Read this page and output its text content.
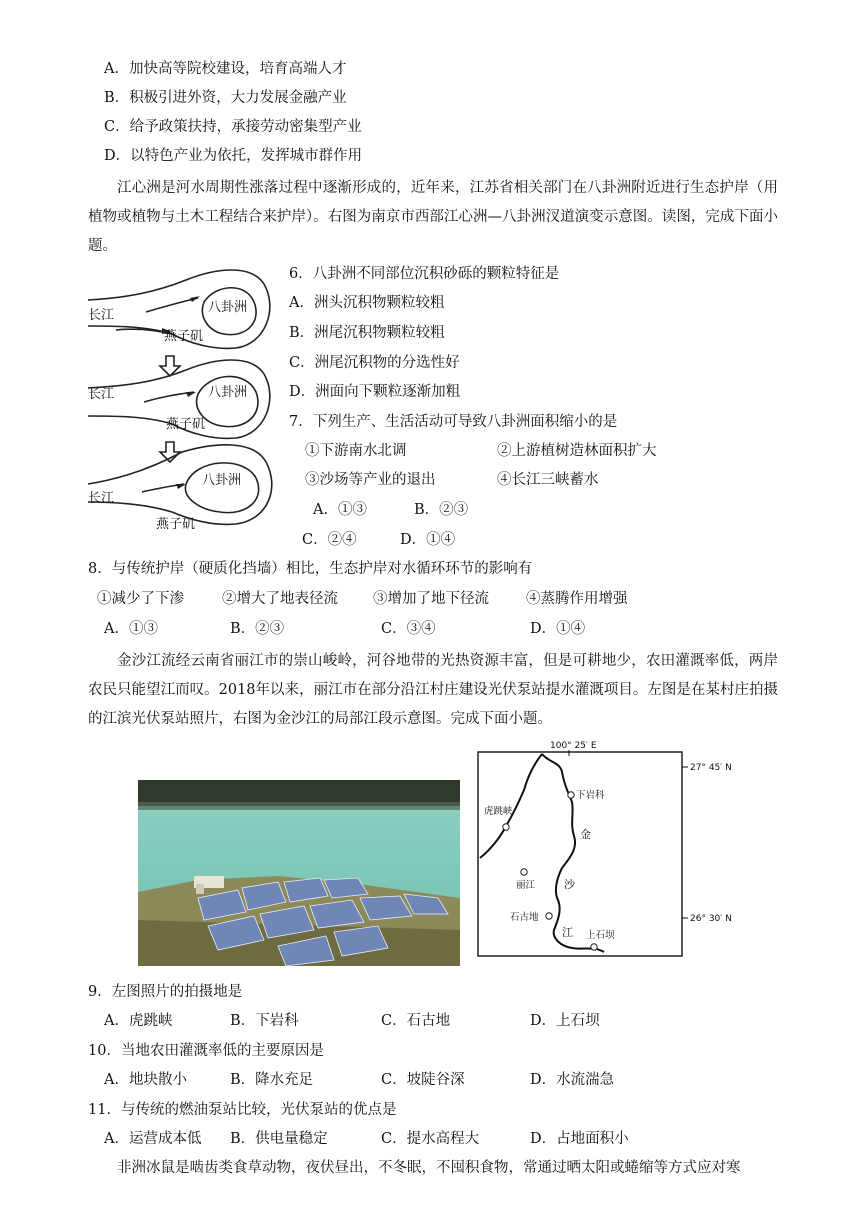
A．加快高等院校建设，培育高端人才
B．积极引进外资，大力发展金融产业
C．给予政策扶持，承接劳动密集型产业
D．以特色产业为依托，发挥城市群作用
江心洲是河水周期性涨落过程中逐渐形成的，近年来，江苏省相关部门在八卦洲附近进行生态护岸（用植物或植物与土木工程结合来护岸）。右图为南京市西部江心洲—八卦洲汊道演变示意图。读图，完成下面小题。
长江
八卦洲
燕子矶
长江	八卦洲
燕子矶
长江
八卦洲
燕子矶
6．八卦洲不同部位沉积砂砾的颗粒特征是
A．洲头沉积物颗粒较粗
B．洲尾沉积物颗粒较粗
C．洲尾沉积物的分选性好
D．洲面向下颗粒逐渐加粗
7．下列生产、生活活动可导致八卦洲面积缩小的是
①下游南水北调	②上游植树造林面积扩大
③沙场等产业的退出	④长江三峡蓄水
A．①③	B．②③
C．②④	D．①④
8．与传统护岸（硬质化挡墙）相比，生态护岸对水循环环节的影响有
①减少了下渗	②增大了地表径流 ③增加了地下径流	④蒸腾作用增强
A．①③	B．②③	C．③④	D．①④
金沙江流经云南省丽江市的崇山峻岭，河谷地带的光热资源丰富，但是可耕地少，农田灌溉率低，两岸农民只能望江而叹。2018年以来，丽江市在部分沿江村庄建设光伏泵站提水灌溉项目。左图是在某村庄拍摄的江滨光伏泵站照片，右图为金沙江的局部江段示意图。完成下面小题。
100° 25′ E
27° 45′ N
26° 30′ N
下岩科
虎跳峡
丽江
石古地
上石坝
金
沙
江
9．左图照片的拍摄地是
A．虎跳峡	B．下岩科	C．石古地	D．上石坝
10．当地农田灌溉率低的主要原因是
A．地块散小	B．降水充足	C．坡陡谷深	D．水流湍急
11．与传统的燃油泵站比较，光伏泵站的优点是
A．运营成本低 B．供电量稳定	C．提水高程大	D．占地面积小
非洲冰鼠是啮齿类食草动物，夜伏昼出，不冬眠，不囤积食物，常通过晒太阳或蜷缩等方式应对寒
